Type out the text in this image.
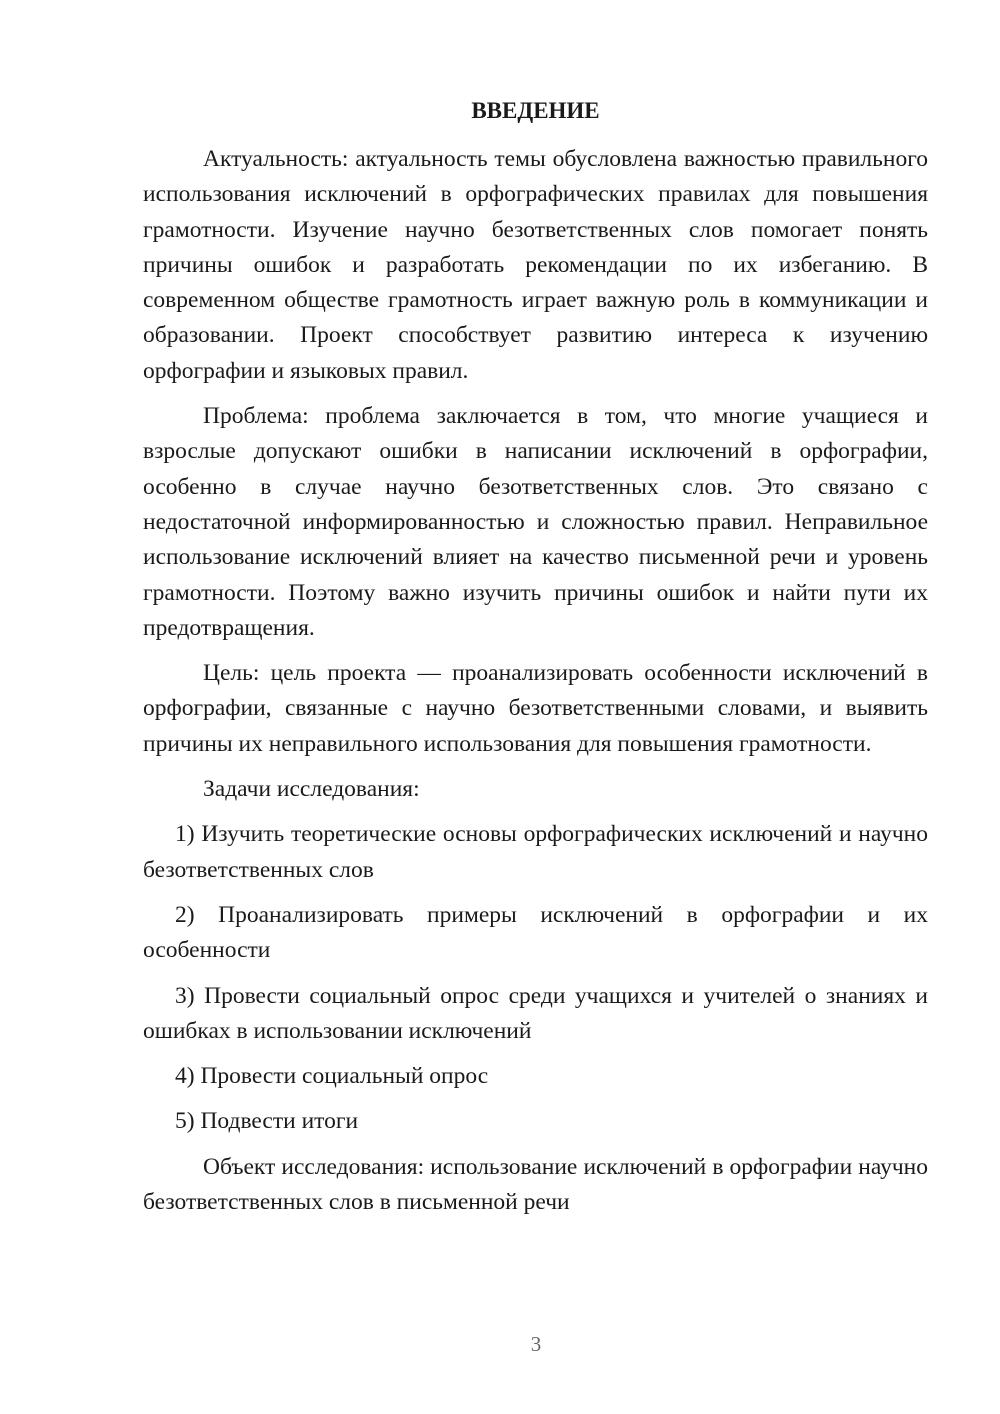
ВВЕДЕНИЕ

Актуальность: актуальность темы обусловлена важностью правильного использования исключений в орфографических правилах для повышения грамотности. Изучение научно безответственных слов помогает понять причины ошибок и разработать рекомендации по их избеганию. В современном обществе грамотность играет важную роль в коммуникации и образовании. Проект способствует развитию интереса к изучению орфографии и языковых правил.

Проблема: проблема заключается в том, что многие учащиеся и взрослые допускают ошибки в написании исключений в орфографии, особенно в случае научно безответственных слов. Это связано с недостаточной информированностью и сложностью правил. Неправильное использование исключений влияет на качество письменной речи и уровень грамотности. Поэтому важно изучить причины ошибок и найти пути их предотвращения.

Цель: цель проекта — проанализировать особенности исключений в орфографии, связанные с научно безответственными словами, и выявить причины их неправильного использования для повышения грамотности.

Задачи исследования:

1) Изучить теоретические основы орфографических исключений и научно безответственных слов

2) Проанализировать примеры исключений в орфографии и их особенности

3) Провести социальный опрос среди учащихся и учителей о знаниях и ошибках в использовании исключений

4) Провести социальный опрос

5) Подвести итоги

Объект исследования: использование исключений в орфографии научно безответственных слов в письменной речи

3
